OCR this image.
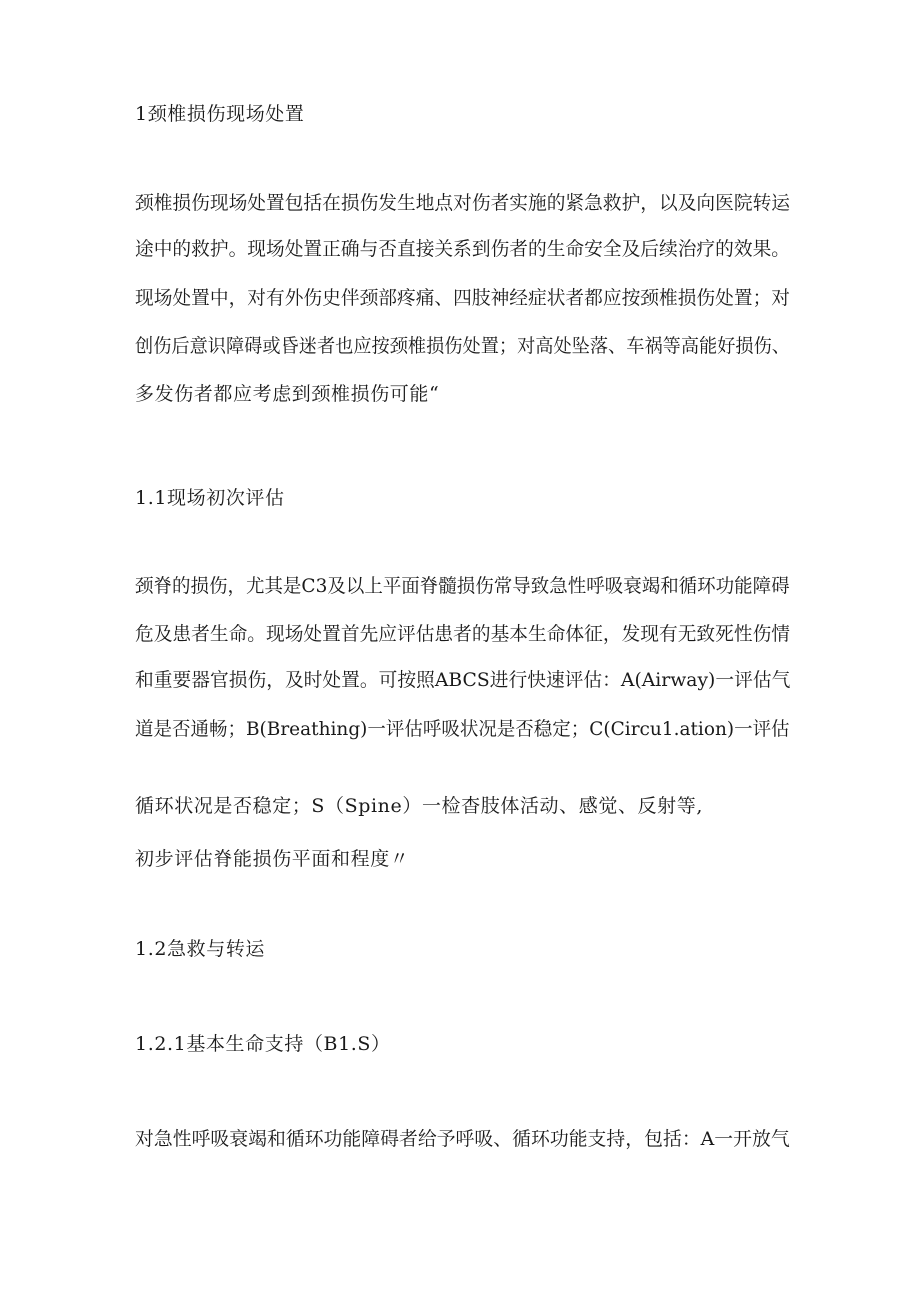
1颈椎损伤现场处置
颈椎损伤现场处置包括在损伤发生地点对伤者实施的紧急救护，以及向医院转运
途中的救护。现场处置正确与否直接关系到伤者的生命安全及后续治疗的效果。
现场处置中，对有外伤史伴颈部疼痛、四肢神经症状者都应按颈椎损伤处置；对
创伤后意识障碍或昏迷者也应按颈椎损伤处置；对高处坠落、车祸等高能好损伤、
多发伤者都应考虑到颈椎损伤可能“
1.1现场初次评估
颈脊的损伤，尤其是C3及以上平面脊髓损伤常导致急性呼吸衰竭和循环功能障碍
危及患者生命。现场处置首先应评估患者的基本生命体征，发现有无致死性伤情
和重要器官损伤，及时处置。可按照ABCS进行快速评估：A(Airway)一评估气
道是否通畅；B(Breathing)一评估呼吸状况是否稳定；C(Circu1.ation)一评估
循环状况是否稳定；S（Spine）一检杳肢体活动、感觉、反射等,
初步评估脊能损伤平面和程度〃
1.2急救与转运
1.2.1基本生命支持（B1.S）
对急性呼吸衰竭和循环功能障碍者给予呼吸、循环功能支持，包括：A一开放气
